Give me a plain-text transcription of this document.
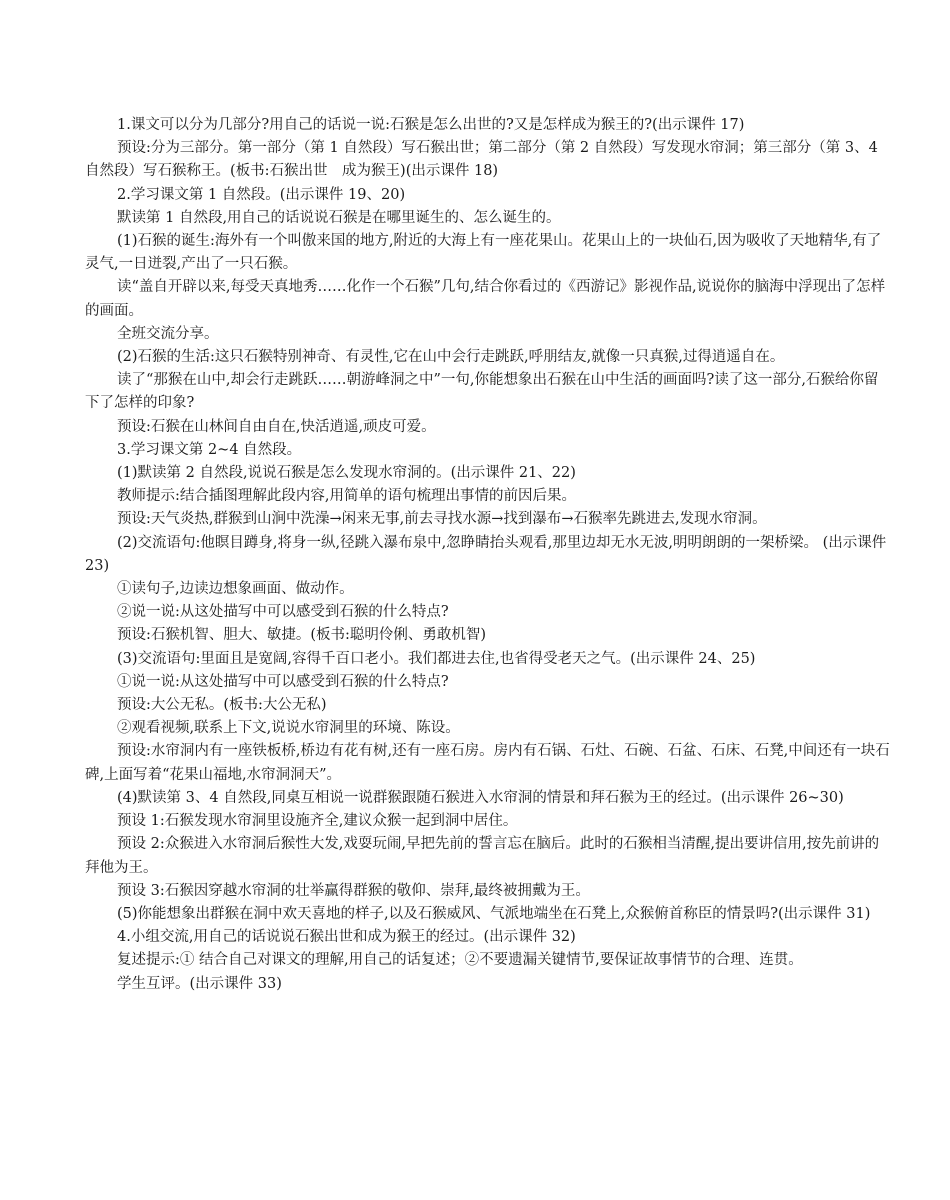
1.课文可以分为几部分?用自己的话说一说:石猴是怎么出世的?又是怎样成为猴王的?(出示课件 17)

预设:分为三部分。第一部分（第 1 自然段）写石猴出世；第二部分（第 2 自然段）写发现水帘洞；第三部分（第 3、4 自然段）写石猴称王。(板书:石猴出世　成为猴王)(出示课件 18)

2.学习课文第 1 自然段。(出示课件 19、20)

默读第 1 自然段,用自己的话说说石猴是在哪里诞生的、怎么诞生的。

(1)石猴的诞生:海外有一个叫傲来国的地方,附近的大海上有一座花果山。花果山上的一块仙石,因为吸收了天地精华,有了灵气,一日迸裂,产出了一只石猴。

读“盖自开辟以来,每受天真地秀……化作一个石猴”几句,结合你看过的《西游记》影视作品,说说你的脑海中浮现出了怎样的画面。

全班交流分享。

(2)石猴的生活:这只石猴特别神奇、有灵性,它在山中会行走跳跃,呼朋结友,就像一只真猴,过得逍遥自在。

读了“那猴在山中,却会行走跳跃……朝游峰洞之中”一句,你能想象出石猴在山中生活的画面吗?读了这一部分,石猴给你留下了怎样的印象?

预设:石猴在山林间自由自在,快活逍遥,顽皮可爱。

3.学习课文第 2~4 自然段。

(1)默读第 2 自然段,说说石猴是怎么发现水帘洞的。(出示课件 21、22)

教师提示:结合插图理解此段内容,用简单的语句梳理出事情的前因后果。

预设:天气炎热,群猴到山涧中洗澡→闲来无事,前去寻找水源→找到瀑布→石猴率先跳进去,发现水帘洞。

(2)交流语句:他瞑目蹲身,将身一纵,径跳入瀑布泉中,忽睁睛抬头观看,那里边却无水无波,明明朗朗的一架桥梁。 (出示课件 23)

①读句子,边读边想象画面、做动作。

②说一说:从这处描写中可以感受到石猴的什么特点?

预设:石猴机智、胆大、敏捷。(板书:聪明伶俐、勇敢机智)

(3)交流语句:里面且是宽阔,容得千百口老小。我们都进去住,也省得受老天之气。(出示课件 24、25)

①说一说:从这处描写中可以感受到石猴的什么特点?

预设:大公无私。(板书:大公无私)

②观看视频,联系上下文,说说水帘洞里的环境、陈设。

预设:水帘洞内有一座铁板桥,桥边有花有树,还有一座石房。房内有石锅、石灶、石碗、石盆、石床、石凳,中间还有一块石碑,上面写着“花果山福地,水帘洞洞天”。

(4)默读第 3、4 自然段,同桌互相说一说群猴跟随石猴进入水帘洞的情景和拜石猴为王的经过。(出示课件 26~30)

预设 1:石猴发现水帘洞里设施齐全,建议众猴一起到洞中居住。

预设 2:众猴进入水帘洞后猴性大发,戏耍玩闹,早把先前的誓言忘在脑后。此时的石猴相当清醒,提出要讲信用,按先前讲的拜他为王。

预设 3:石猴因穿越水帘洞的壮举赢得群猴的敬仰、崇拜,最终被拥戴为王。

(5)你能想象出群猴在洞中欢天喜地的样子,以及石猴威风、气派地端坐在石凳上,众猴俯首称臣的情景吗?(出示课件 31)

4.小组交流,用自己的话说说石猴出世和成为猴王的经过。(出示课件 32)

复述提示:① 结合自己对课文的理解,用自己的话复述；②不要遗漏关键情节,要保证故事情节的合理、连贯。

学生互评。(出示课件 33)
